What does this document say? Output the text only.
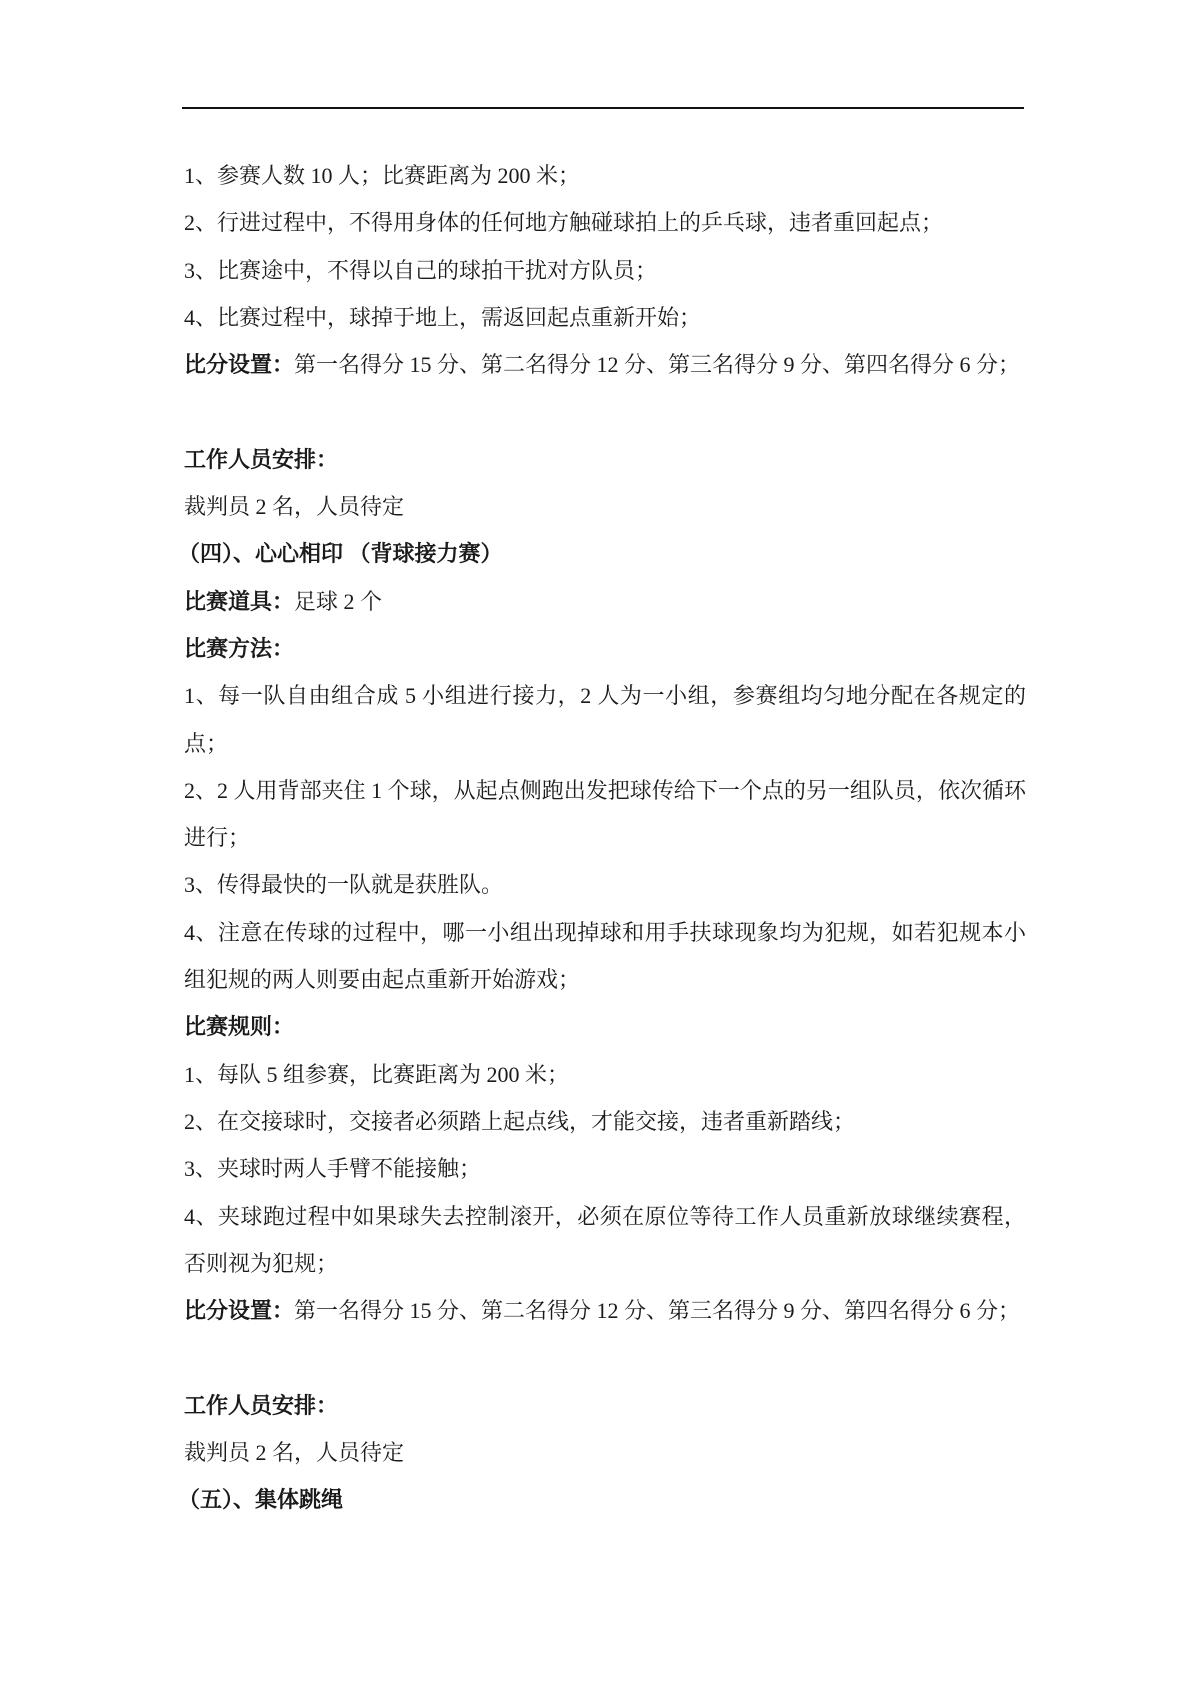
1、参赛人数 10 人；比赛距离为 200 米；
2、行进过程中，不得用身体的任何地方触碰球拍上的乒乓球，违者重回起点；
3、比赛途中，不得以自己的球拍干扰对方队员；
4、比赛过程中，球掉于地上，需返回起点重新开始；
比分设置：第一名得分 15 分、第二名得分 12 分、第三名得分 9 分、第四名得分 6 分；
工作人员安排：
裁判员 2 名，人员待定
（四）、心心相印 （背球接力赛）
比赛道具：足球 2 个
比赛方法：
1、每一队自由组合成 5 小组进行接力，2 人为一小组，参赛组均匀地分配在各规定的点；
2、2 人用背部夹住 1 个球，从起点侧跑出发把球传给下一个点的另一组队员，依次循环进行；
3、传得最快的一队就是获胜队。
4、注意在传球的过程中，哪一小组出现掉球和用手扶球现象均为犯规，如若犯规本小组犯规的两人则要由起点重新开始游戏；
比赛规则：
1、每队 5 组参赛，比赛距离为 200 米；
2、在交接球时，交接者必须踏上起点线，才能交接，违者重新踏线；
3、夹球时两人手臂不能接触；
4、夹球跑过程中如果球失去控制滚开，必须在原位等待工作人员重新放球继续赛程，否则视为犯规；
比分设置：第一名得分 15 分、第二名得分 12 分、第三名得分 9 分、第四名得分 6 分；
工作人员安排：
裁判员 2 名，人员待定
（五）、集体跳绳
